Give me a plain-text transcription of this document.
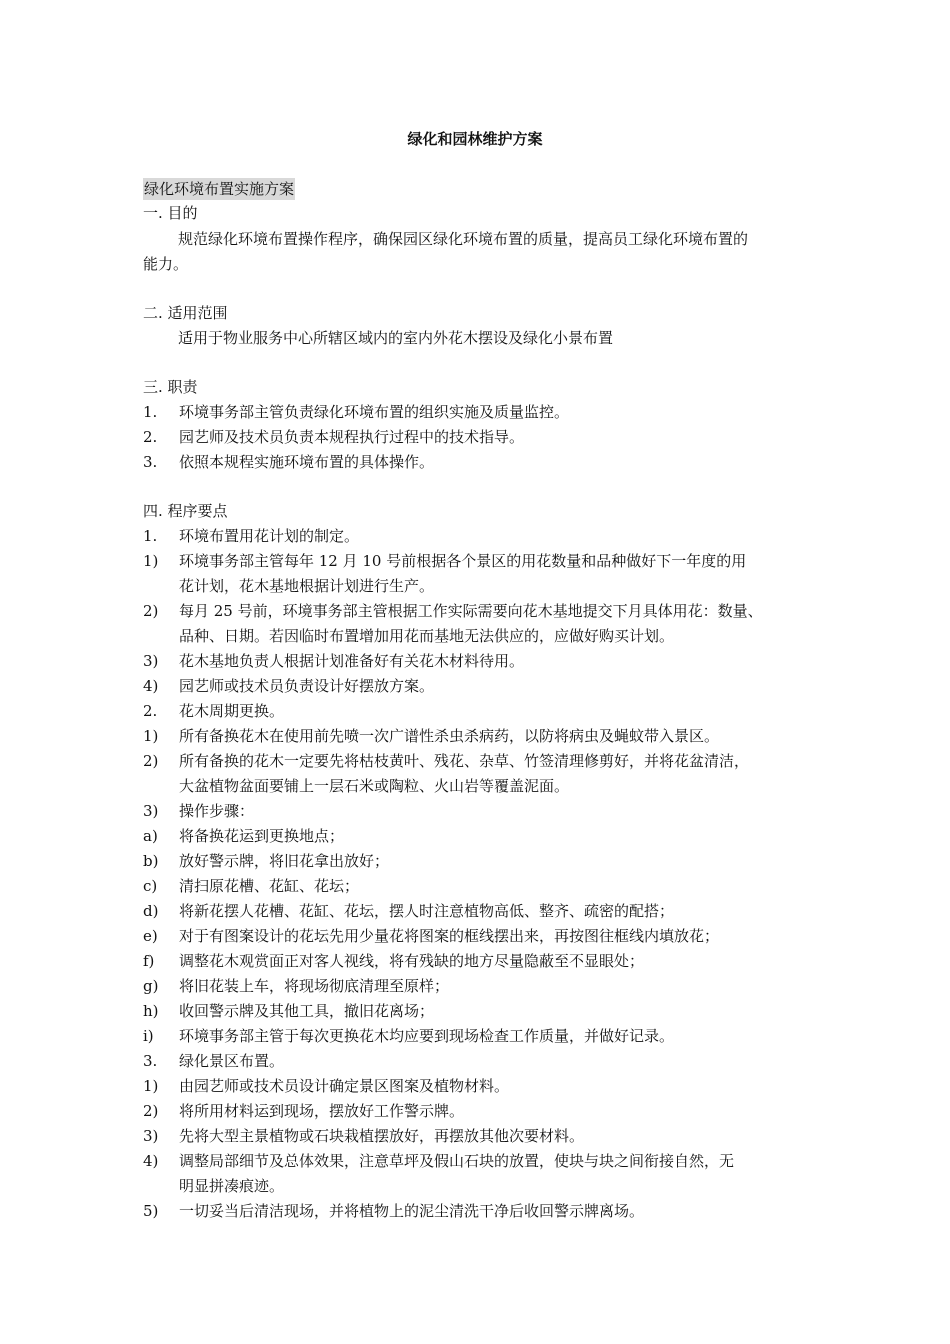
绿化和园林维护方案
绿化环境布置实施方案
一. 目的
规范绿化环境布置操作程序，确保园区绿化环境布置的质量，提高员工绿化环境布置的
能力。
二. 适用范围
适用于物业服务中心所辖区域内的室内外花木摆设及绿化小景布置
三. 职责
1. 环境事务部主管负责绿化环境布置的组织实施及质量监控。
2. 园艺师及技术员负责本规程执行过程中的技术指导。
3. 依照本规程实施环境布置的具体操作。
四. 程序要点
1. 环境布置用花计划的制定。
1) 环境事务部主管每年 12 月 10 号前根据各个景区的用花数量和品种做好下一年度的用
花计划，花木基地根据计划进行生产。
2) 每月 25 号前，环境事务部主管根据工作实际需要向花木基地提交下月具体用花：数量、
品种、日期。若因临时布置增加用花而基地无法供应的，应做好购买计划。
3) 花木基地负责人根据计划准备好有关花木材料待用。
4) 园艺师或技术员负责设计好摆放方案。
2. 花木周期更换。
1) 所有备换花木在使用前先喷一次广谱性杀虫杀病药，以防将病虫及蝇蚊带入景区。
2) 所有备换的花木一定要先将枯枝黄叶、残花、杂草、竹签清理修剪好，并将花盆清洁，
大盆植物盆面要铺上一层石米或陶粒、火山岩等覆盖泥面。
3) 操作步骤：
a) 将备换花运到更换地点；
b) 放好警示牌，将旧花拿出放好；
c) 清扫原花槽、花缸、花坛；
d) 将新花摆人花槽、花缸、花坛，摆人时注意植物高低、整齐、疏密的配搭；
e) 对于有图案设计的花坛先用少量花将图案的框线摆出来，再按图往框线内填放花；
f) 调整花木观赏面正对客人视线，将有残缺的地方尽量隐蔽至不显眼处；
g) 将旧花装上车，将现场彻底清理至原样；
h) 收回警示牌及其他工具，撤旧花离场；
i) 环境事务部主管于每次更换花木均应要到现场检查工作质量，并做好记录。
3. 绿化景区布置。
1) 由园艺师或技术员设计确定景区图案及植物材料。
2) 将所用材料运到现场，摆放好工作警示牌。
3) 先将大型主景植物或石块栽植摆放好，再摆放其他次要材料。
4) 调整局部细节及总体效果，注意草坪及假山石块的放置，使块与块之间衔接自然，无
明显拼凑痕迹。
5) 一切妥当后清洁现场，并将植物上的泥尘清洗干净后收回警示牌离场。
